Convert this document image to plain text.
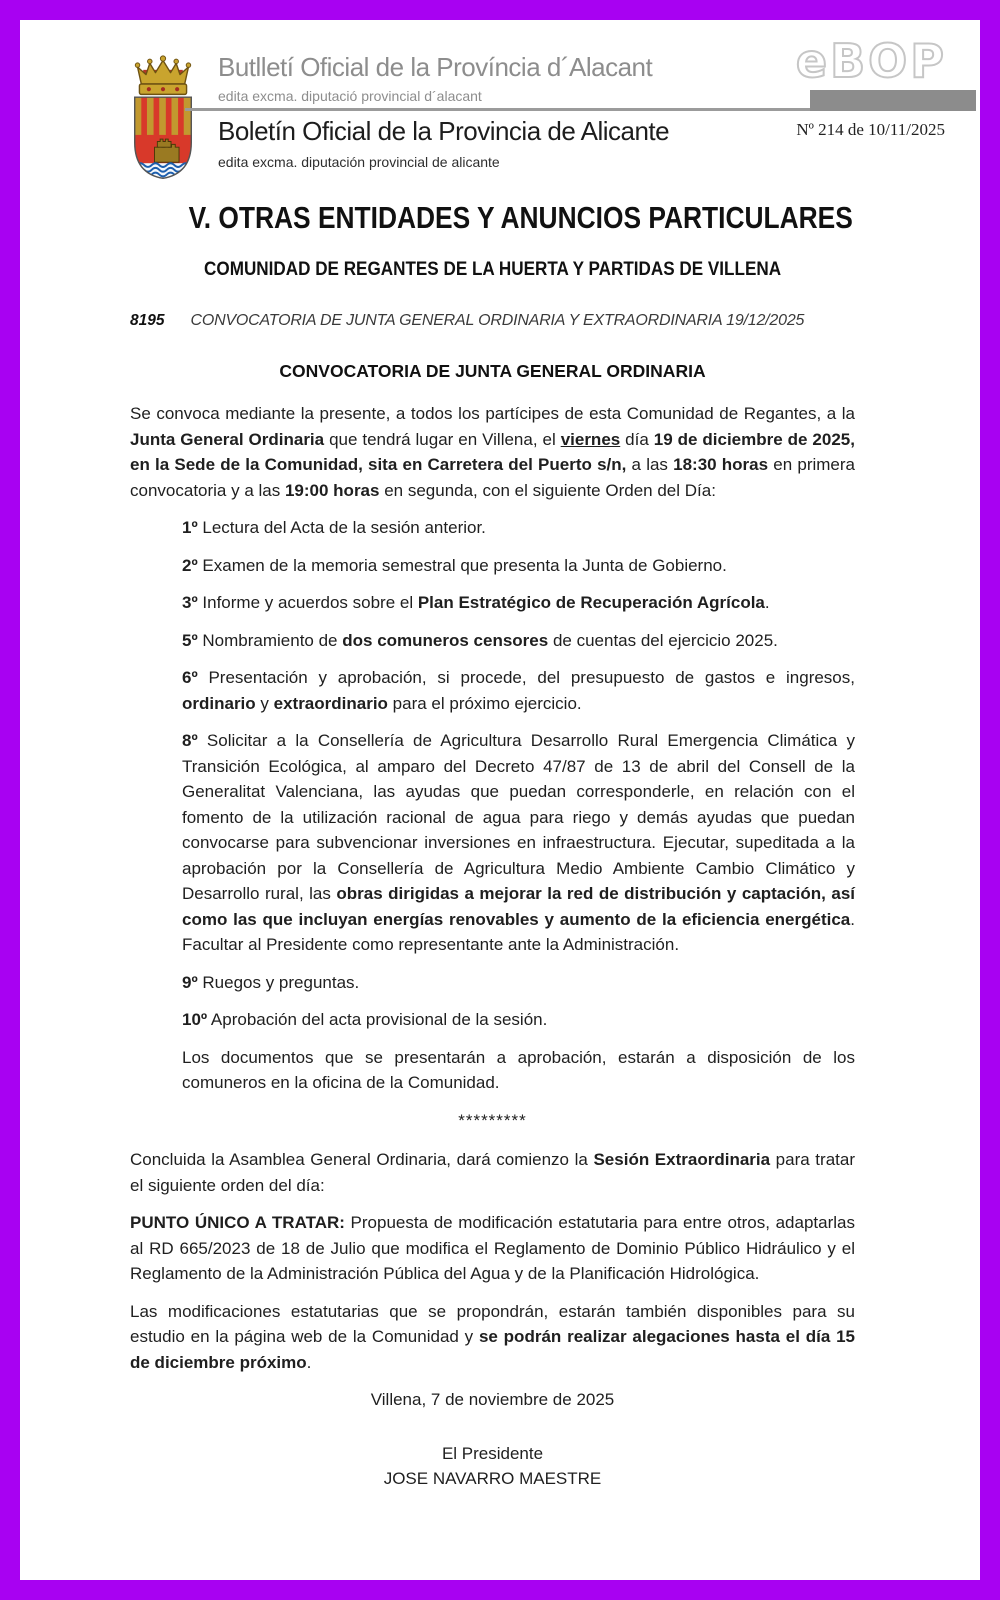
Butlletí Oficial de la Província d´Alacant
edita excma. diputació provincial d´alacant
Boletín Oficial de la Provincia de Alicante
edita excma. diputación provincial de alicante
eBOP
Nº 214 de 10/11/2025
V. OTRAS ENTIDADES Y ANUNCIOS PARTICULARES
COMUNIDAD DE REGANTES DE LA HUERTA Y PARTIDAS DE VILLENA
8195 CONVOCATORIA DE JUNTA GENERAL ORDINARIA Y EXTRAORDINARIA 19/12/2025
CONVOCATORIA DE JUNTA GENERAL ORDINARIA

Se convoca mediante la presente, a todos los partícipes de esta Comunidad de Regantes, a la Junta General Ordinaria que tendrá lugar en Villena, el viernes día 19 de diciembre de 2025, en la Sede de la Comunidad, sita en Carretera del Puerto s/n, a las 18:30 horas en primera convocatoria y a las 19:00 horas en segunda, con el siguiente Orden del Día:

1º Lectura del Acta de la sesión anterior.

2º Examen de la memoria semestral que presenta la Junta de Gobierno.

3º Informe y acuerdos sobre el Plan Estratégico de Recuperación Agrícola.

5º Nombramiento de dos comuneros censores de cuentas del ejercicio 2025.

6º Presentación y aprobación, si procede, del presupuesto de gastos e ingresos, ordinario y extraordinario para el próximo ejercicio.

8º Solicitar a la Consellería de Agricultura Desarrollo Rural Emergencia Climática y Transición Ecológica, al amparo del Decreto 47/87 de 13 de abril del Consell de la Generalitat Valenciana, las ayudas que puedan corresponderle, en relación con el fomento de la utilización racional de agua para riego y demás ayudas que puedan convocarse para subvencionar inversiones en infraestructura. Ejecutar, supeditada a la aprobación por la Consellería de Agricultura Medio Ambiente Cambio Climático y Desarrollo rural, las obras dirigidas a mejorar la red de distribución y captación, así como las que incluyan energías renovables y aumento de la eficiencia energética. Facultar al Presidente como representante ante la Administración.

9º Ruegos y preguntas.

10º Aprobación del acta provisional de la sesión.

Los documentos que se presentarán a aprobación, estarán a disposición de los comuneros en la oficina de la Comunidad.

*********

Concluida la Asamblea General Ordinaria, dará comienzo la Sesión Extraordinaria para tratar el siguiente orden del día:

PUNTO ÚNICO A TRATAR: Propuesta de modificación estatutaria para entre otros, adaptarlas al RD 665/2023 de 18 de Julio que modifica el Reglamento de Dominio Público Hidráulico y el Reglamento de la Administración Pública del Agua y de la Planificación Hidrológica.

Las modificaciones estatutarias que se propondrán, estarán también disponibles para su estudio en la página web de la Comunidad y se podrán realizar alegaciones hasta el día 15 de diciembre próximo.

Villena, 7 de noviembre de 2025

El Presidente

JOSE NAVARRO MAESTRE
